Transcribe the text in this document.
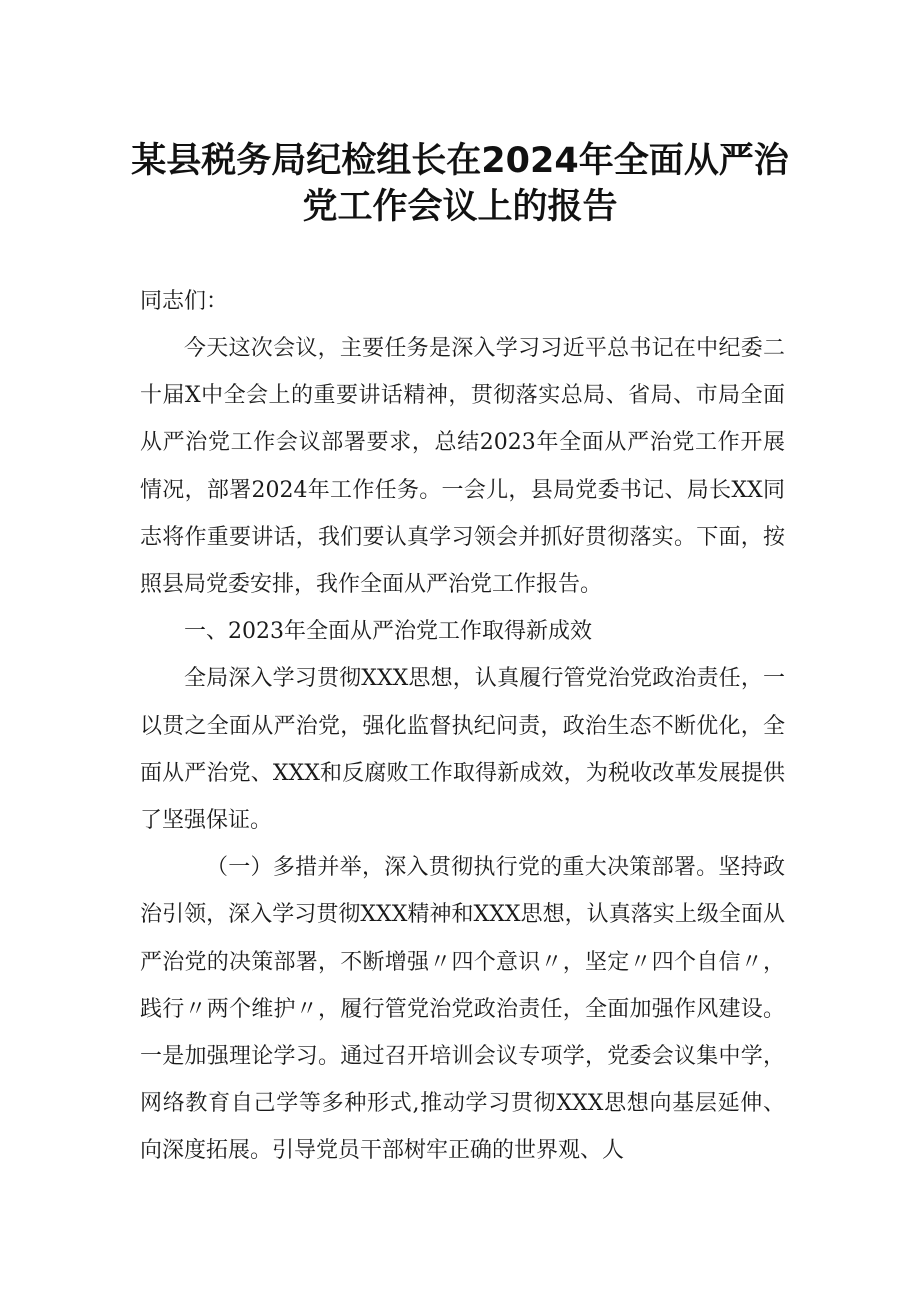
某县税务局纪检组长在2024年全面从严治
党工作会议上的报告

同志们：

今天这次会议，主要任务是深入学习习近平总书记在中纪委二十届X中全会上的重要讲话精神，贯彻落实总局、省局、市局全面从严治党工作会议部署要求，总结2023年全面从严治党工作开展情况，部署2024年工作任务。一会儿，县局党委书记、局长XX同志将作重要讲话，我们要认真学习领会并抓好贯彻落实。下面，按照县局党委安排，我作全面从严治党工作报告。

一、2023年全面从严治党工作取得新成效

全局深入学习贯彻XXX思想，认真履行管党治党政治责任，一以贯之全面从严治党，强化监督执纪问责，政治生态不断优化，全面从严治党、XXX和反腐败工作取得新成效，为税收改革发展提供了坚强保证。

（一）多措并举，深入贯彻执行党的重大决策部署。坚持政治引领，深入学习贯彻XXX精神和XXX思想，认真落实上级全面从严治党的决策部署，不断增强〃四个意识〃，坚定〃四个自信〃，践行〃两个维护〃，履行管党治党政治责任，全面加强作风建设。一是加强理论学习。通过召开培训会议专项学，党委会议集中学，网络教育自己学等多种形式,推动学习贯彻XXX思想向基层延伸、向深度拓展。引导党员干部树牢正确的世界观、人
